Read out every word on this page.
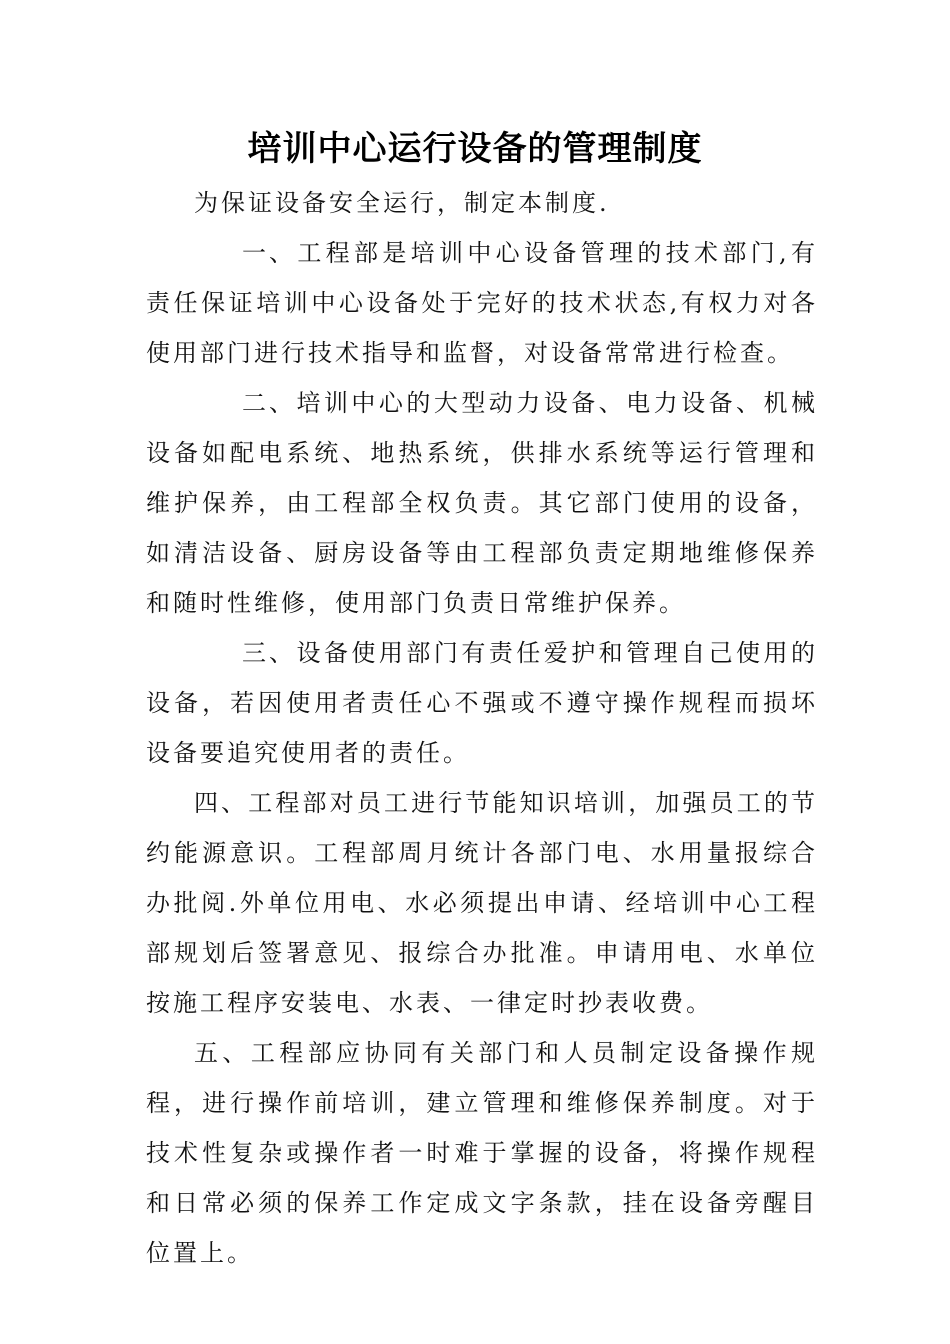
培训中心运行设备的管理制度

为保证设备安全运行，制定本制度.

一、工程部是培训中心设备管理的技术部门,有责任保证培训中心设备处于完好的技术状态,有权力对各使用部门进行技术指导和监督，对设备常常进行检查。

二、培训中心的大型动力设备、电力设备、机械设备如配电系统、地热系统，供排水系统等运行管理和维护保养，由工程部全权负责。其它部门使用的设备，如清洁设备、厨房设备等由工程部负责定期地维修保养和随时性维修，使用部门负责日常维护保养。

三、设备使用部门有责任爱护和管理自己使用的设备，若因使用者责任心不强或不遵守操作规程而损坏设备要追究使用者的责任。

四、工程部对员工进行节能知识培训，加强员工的节约能源意识。工程部周月统计各部门电、水用量报综合办批阅.外单位用电、水必须提出申请、经培训中心工程部规划后签署意见、报综合办批准。申请用电、水单位按施工程序安装电、水表、一律定时抄表收费。

五、工程部应协同有关部门和人员制定设备操作规程，进行操作前培训，建立管理和维修保养制度。对于技术性复杂或操作者一时难于掌握的设备，将操作规程和日常必须的保养工作定成文字条款，挂在设备旁醒目位置上。
